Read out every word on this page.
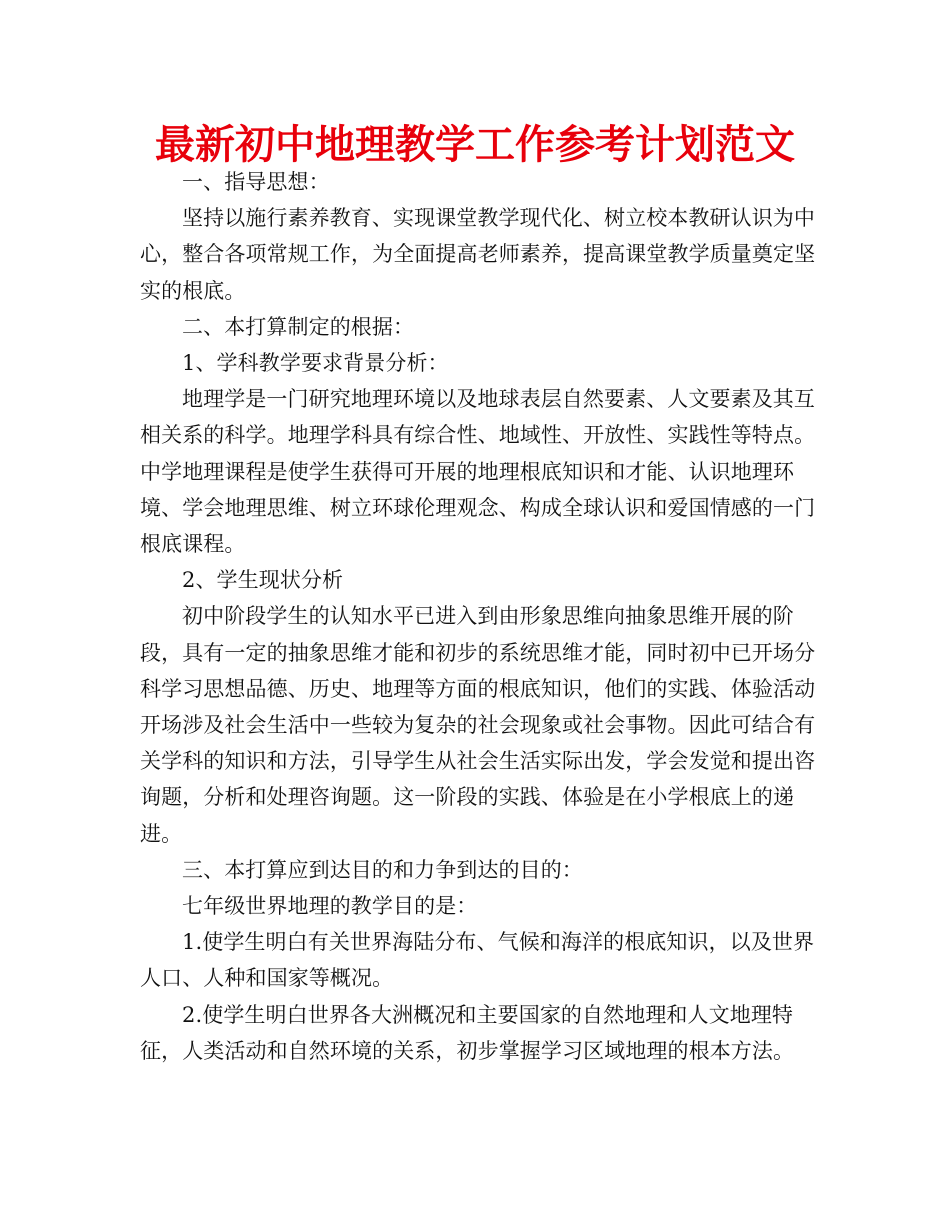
最新初中地理教学工作参考计划范文

一、指导思想：

坚持以施行素养教育、实现课堂教学现代化、树立校本教研认识为中心，整合各项常规工作，为全面提高老师素养，提高课堂教学质量奠定坚实的根底。

二、本打算制定的根据：

1、学科教学要求背景分析：

地理学是一门研究地理环境以及地球表层自然要素、人文要素及其互相关系的科学。地理学科具有综合性、地域性、开放性、实践性等特点。中学地理课程是使学生获得可开展的地理根底知识和才能、认识地理环境、学会地理思维、树立环球伦理观念、构成全球认识和爱国情感的一门根底课程。

2、学生现状分析

初中阶段学生的认知水平已进入到由形象思维向抽象思维开展的阶段，具有一定的抽象思维才能和初步的系统思维才能，同时初中已开场分科学习思想品德、历史、地理等方面的根底知识，他们的实践、体验活动开场涉及社会生活中一些较为复杂的社会现象或社会事物。因此可结合有关学科的知识和方法，引导学生从社会生活实际出发，学会发觉和提出咨询题，分析和处理咨询题。这一阶段的实践、体验是在小学根底上的递进。

三、本打算应到达目的和力争到达的目的：

七年级世界地理的教学目的是：

1.使学生明白有关世界海陆分布、气候和海洋的根底知识，以及世界人口、人种和国家等概况。

2.使学生明白世界各大洲概况和主要国家的自然地理和人文地理特征，人类活动和自然环境的关系，初步掌握学习区域地理的根本方法。
